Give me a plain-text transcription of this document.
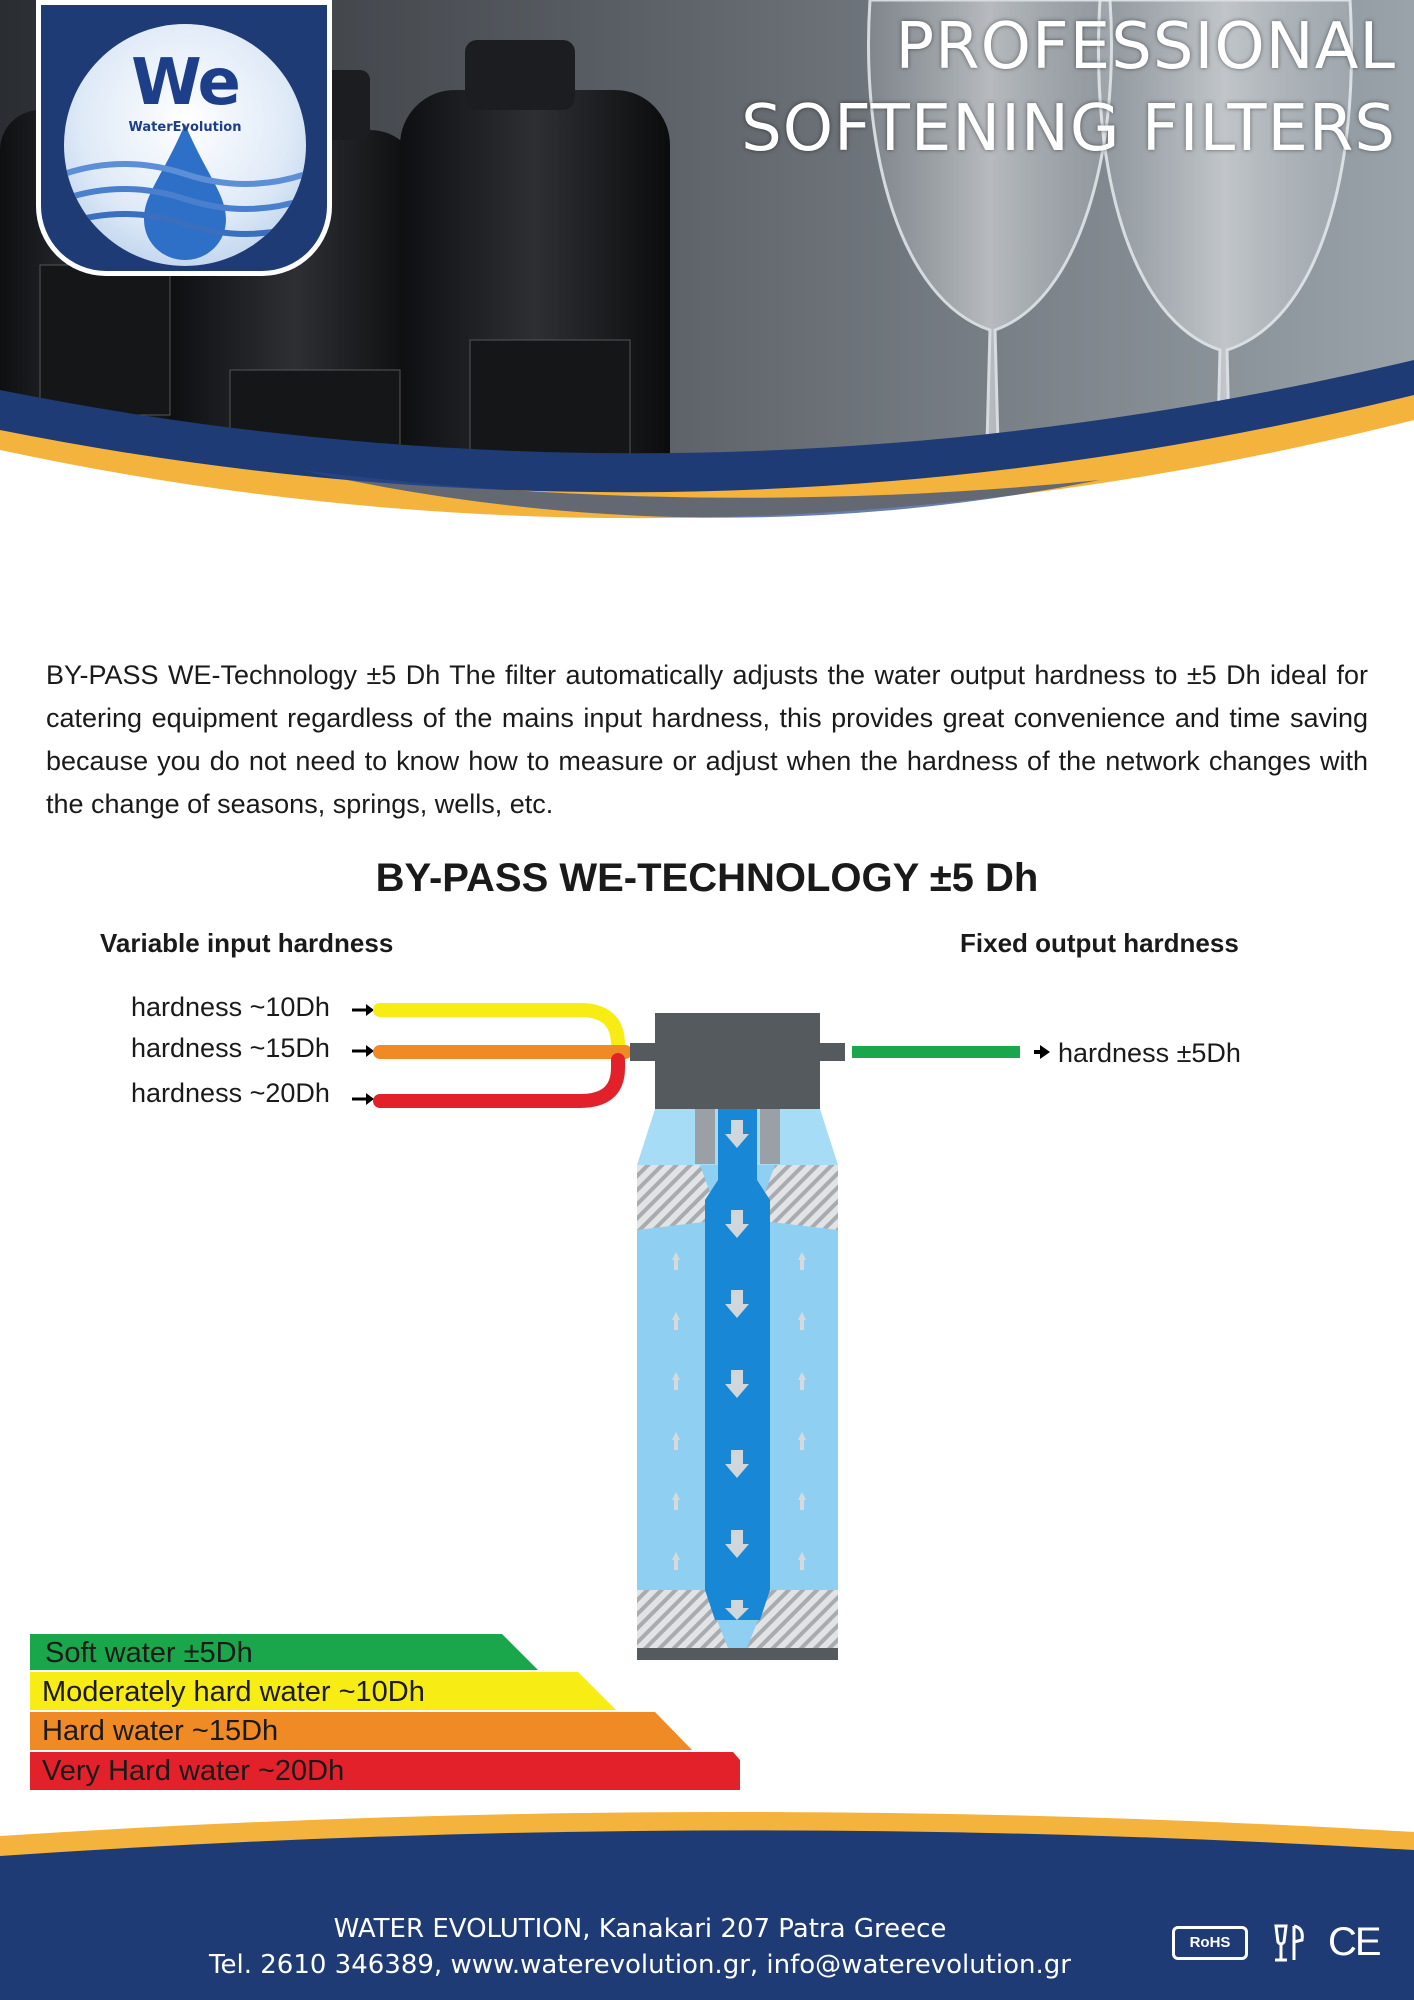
We
WaterEvolution
PROFESSIONAL
SOFTENING FILTERS
BY-PASS WE-Technology ±5 Dh The filter automatically adjusts the water output hardness to ±5 Dh ideal for catering equipment regardless of the mains input hardness, this provides great convenience and time saving because you do not need to know how to measure or adjust when the hardness of the network changes with the change of seasons, springs, wells, etc.
BY-PASS WE-TECHNOLOGY ±5 Dh
Variable input hardness	Fixed output hardness
hardness ~10Dh
hardness ~15Dh
hardness ~20Dh
hardness ±5Dh
Soft water ±5Dh
Moderately hard water ~10Dh
Hard water ~15Dh
Very Hard water ~20Dh
WATER EVOLUTION, Kanakari 207 Patra Greece
Tel. 2610 346389, www.waterevolution.gr, info@waterevolution.gr
RoHS	CE
